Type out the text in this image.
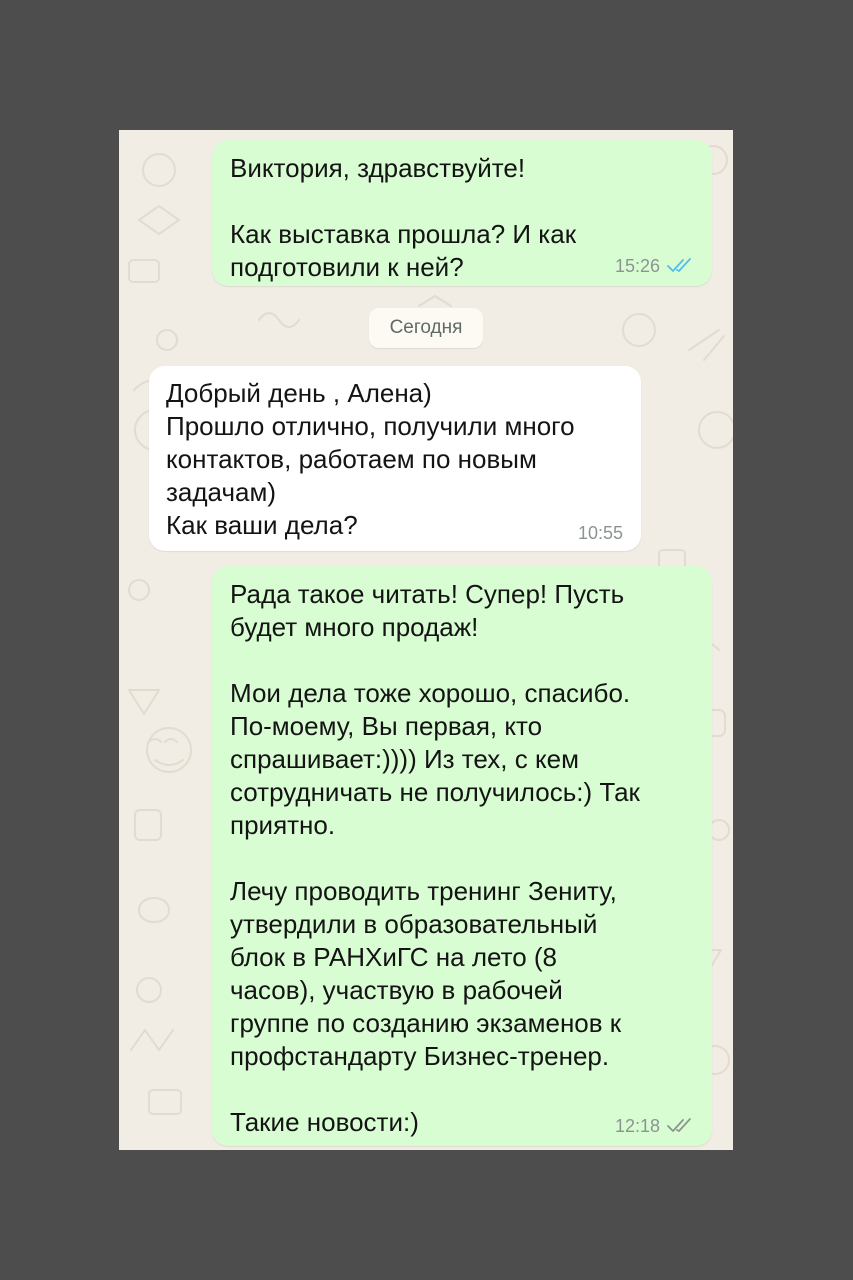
Виктория, здравствуйте!

Как выставка прошла? И как
подготовили к ней?	15:26
Сегодня
Добрый день , Алена)
Прошло отлично, получили много
контактов, работаем по новым
задачам)
Как ваши дела?	10:55
Рада такое читать! Супер! Пусть
будет много продаж!

Мои дела тоже хорошо, спасибо.
По-моему, Вы первая, кто
спрашивает:)))) Из тех, с кем
сотрудничать не получилось:) Так
приятно.

Лечу проводить тренинг Зениту,
утвердили в образовательный
блок в РАНХиГС на лето (8
часов), участвую в рабочей
группе по созданию экзаменов к
профстандарту Бизнес-тренер.

Такие новости:)	12:18
